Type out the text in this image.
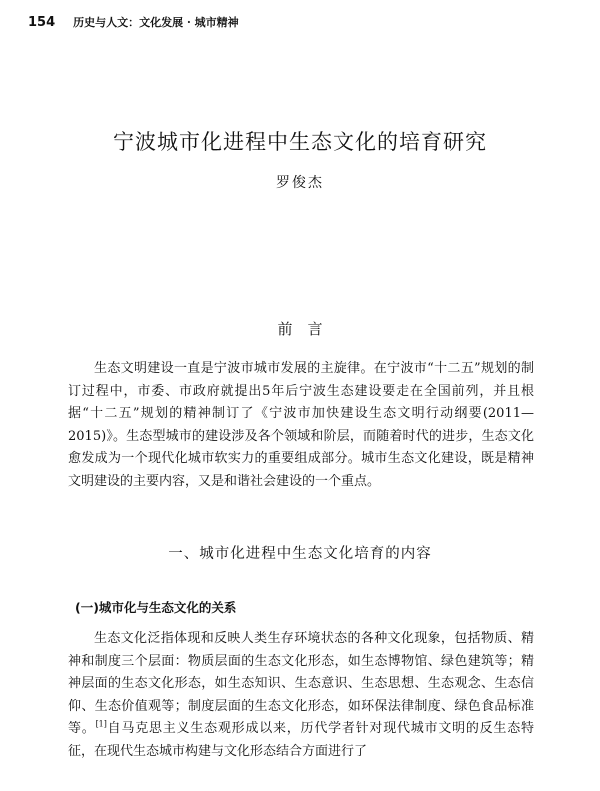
154 历史与人文：文化发展 · 城市精神
宁波城市化进程中生态文化的培育研究
罗俊杰
前　言

生态文明建设一直是宁波市城市发展的主旋律。在宁波市“十二五”规划的制订过程中，市委、市政府就提出5年后宁波生态建设要走在全国前列，并且根据“十二五”规划的精神制订了《宁波市加快建设生态文明行动纲要(2011—2015)》。生态型城市的建设涉及各个领域和阶层，而随着时代的进步，生态文化愈发成为一个现代化城市软实力的重要组成部分。城市生态文化建设，既是精神文明建设的主要内容，又是和谐社会建设的一个重点。

一、城市化进程中生态文化培育的内容
(一)城市化与生态文化的关系

生态文化泛指体现和反映人类生存环境状态的各种文化现象，包括物质、精神和制度三个层面：物质层面的生态文化形态，如生态博物馆、绿色建筑等；精神层面的生态文化形态，如生态知识、生态意识、生态思想、生态观念、生态信仰、生态价值观等；制度层面的生态文化形态，如环保法律制度、绿色食品标准等。[1]自马克思主义生态观形成以来，历代学者针对现代城市文明的反生态特征，在现代生态城市构建与文化形态结合方面进行了
